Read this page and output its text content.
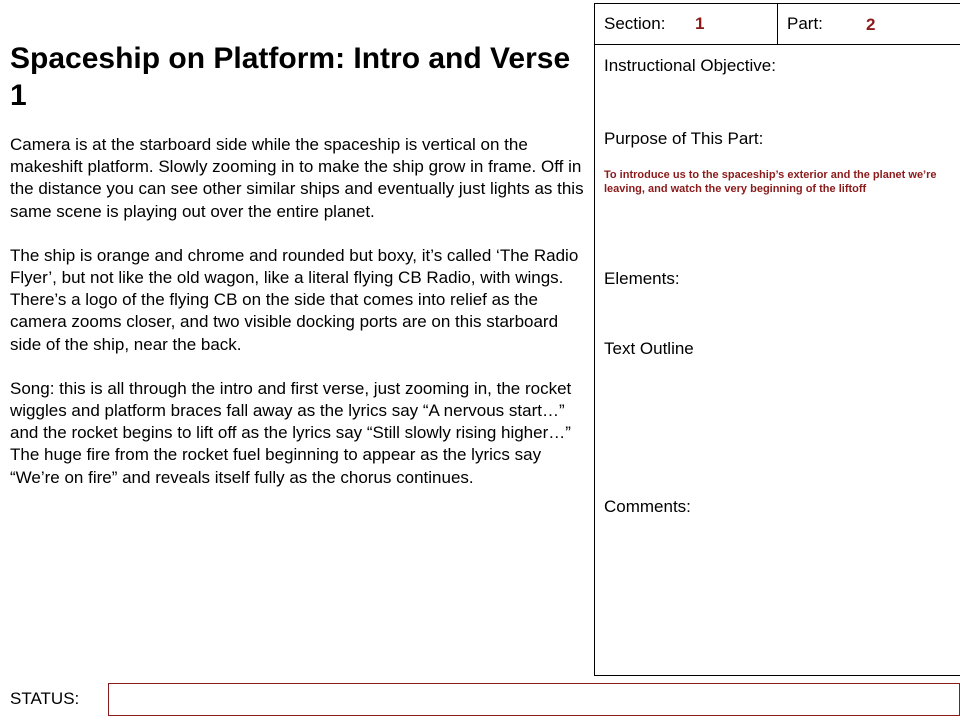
Spaceship on Platform: Intro and Verse 1

Camera is at the starboard side while the spaceship is vertical on the makeshift platform. Slowly zooming in to make the ship grow in frame. Off in the distance you can see other similar ships and eventually just lights as this same scene is playing out over the entire planet.

The ship is orange and chrome and rounded but boxy, it’s called ‘The Radio Flyer’, but not like the old wagon, like a literal flying CB Radio, with wings. There’s a logo of the flying CB on the side that comes into relief as the camera zooms closer, and two visible docking ports are on this starboard side of the ship, near the back.

Song: this is all through the intro and first verse, just zooming in, the rocket wiggles and platform braces fall away as the lyrics say “A nervous start…” and the rocket begins to lift off as the lyrics say “Still slowly rising higher…” The huge fire from the rocket fuel beginning to appear as the lyrics say “We’re on fire” and reveals itself fully as the chorus continues.

Section: 1	Part:	2
Instructional Objective:
Purpose of This Part:
To introduce us to the spaceship’s exterior and the planet we’re leaving, and watch the very beginning of the liftoff
Elements:
Text Outline
Comments:
STATUS:
